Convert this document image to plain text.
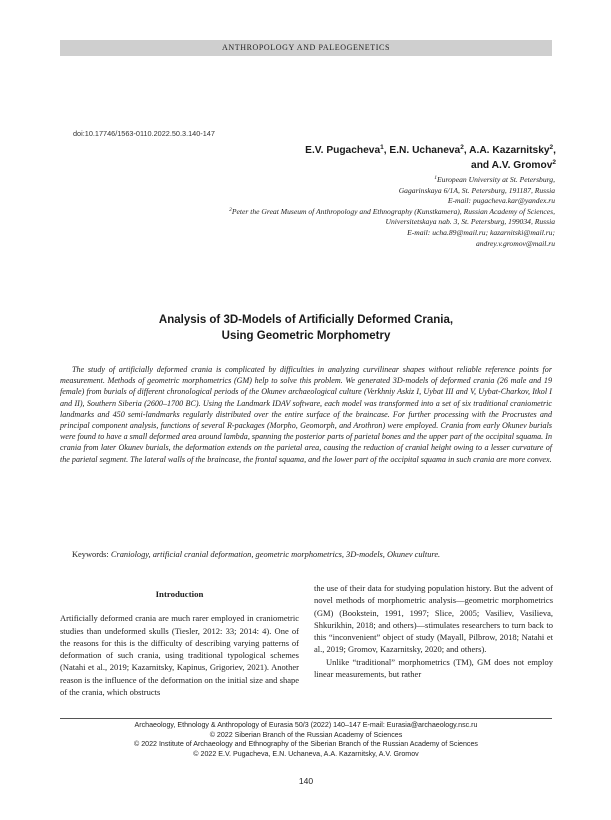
ANTHROPOLOGY AND PALEOGENETICS
doi:10.17746/1563-0110.2022.50.3.140-147
E.V. Pugacheva$^1$, E.N. Uchaneva$^2$, A.A. Kazarnitsky$^2$,
and A.V. Gromov$^2$
$^1$European University at St. Petersburg,
Gagarinskaya 6/1A, St. Petersburg, 191187, Russia
E-mail: pugacheva.kar@yandex.ru
$^2$Peter the Great Museum of Anthropology and Ethnography (Kunstkamera), Russian Academy of Sciences,
Universitetskaya nab. 3, St. Petersburg, 199034, Russia
E-mail: ucha.89@mail.ru; kazarnitski@mail.ru;
andrey.v.gromov@mail.ru
Analysis of 3D-Models of Artificially Deformed Crania,
Using Geometric Morphometry
The study of artificially deformed crania is complicated by difficulties in analyzing curvilinear shapes without reliable reference points for measurement. Methods of geometric morphometrics (GM) help to solve this problem. We generated 3D-models of deformed crania (26 male and 19 female) from burials of different chronological periods of the Okunev archaeological culture (Verkhniy Askiz I, Uybat III and V, Uybat-Charkov, Itkol I and II), Southern Siberia (2600–1700 BC). Using the Landmark IDAV software, each model was transformed into a set of six traditional craniometric landmarks and 450 semi-landmarks regularly distributed over the entire surface of the braincase. For further processing with the Procrustes and principal component analysis, functions of several R-packages (Morpho, Geomorph, and Arothron) were employed. Crania from early Okunev burials were found to have a small deformed area around lambda, spanning the posterior parts of parietal bones and the upper part of the occipital squama. In crania from later Okunev burials, the deformation extends on the parietal area, causing the reduction of cranial height owing to a lesser curvature of the parietal segment. The lateral walls of the braincase, the frontal squama, and the lower part of the occipital squama in such crania are more convex.
Keywords: Craniology, artificial cranial deformation, geometric morphometrics, 3D-models, Okunev culture.
Introduction

Artificially deformed crania are much rarer employed in craniometric studies than undeformed skulls (Tiesler, 2012: 33; 2014: 4). One of the reasons for this is the difficulty of describing varying patterns of deformation of such crania, using traditional typological schemes (Natahi et al., 2019; Kazarnitsky, Kapinus, Grigoriev, 2021). Another reason is the influence of the deformation on the initial size and shape of the crania, which obstructs

the use of their data for studying population history. But the advent of novel methods of morphometric analysis—geometric morphometrics (GM) (Bookstein, 1991, 1997; Slice, 2005; Vasiliev, Vasilieva, Shkurikhin, 2018; and others)—stimulates researchers to turn back to this “inconvenient” object of study (Mayall, Pilbrow, 2018; Natahi et al., 2019; Gromov, Kazarnitsky, 2020; and others).

Unlike “traditional” morphometrics (TM), GM does not employ linear measurements, but rather

Archaeology, Ethnology & Anthropology of Eurasia 50/3 (2022) 140–147 E-mail: Eurasia@archaeology.nsc.ru
© 2022 Siberian Branch of the Russian Academy of Sciences
© 2022 Institute of Archaeology and Ethnography of the Siberian Branch of the Russian Academy of Sciences
© 2022 E.V. Pugacheva, E.N. Uchaneva, A.A. Kazarnitsky, A.V. Gromov
140
